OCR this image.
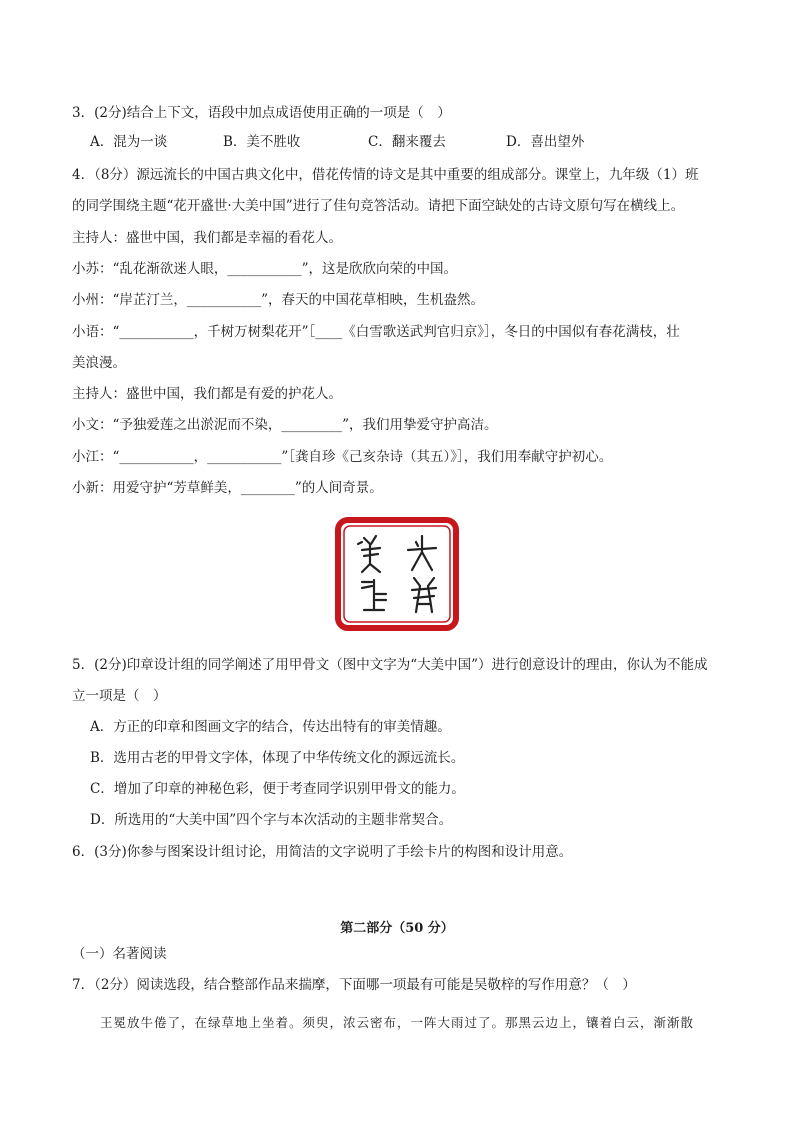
3．(2分)结合上下文，语段中加点成语使用正确的一项是（　）
A．混为一谈	B．美不胜收	C．翻来覆去	D．喜出望外
4．（8分）源远流长的中国古典文化中，借花传情的诗文是其中重要的组成部分。课堂上，九年级（1）班
的同学围绕主题“花开盛世·大美中国”进行了佳句竞答活动。请把下面空缺处的古诗文原句写在横线上。
主持人：盛世中国，我们都是幸福的看花人。
小苏：“乱花渐欲迷人眼，___________”，这是欣欣向荣的中国。
小州：“岸芷汀兰，___________”，春天的中国花草相映，生机盎然。
小语：“___________，千树万树梨花开”［____《白雪歌送武判官归京》］，冬日的中国似有春花满枝，壮
美浪漫。
主持人：盛世中国，我们都是有爱的护花人。
小文：“予独爱莲之出淤泥而不染，_________”，我们用挚爱守护高洁。
小江：“___________，___________”［龚自珍《己亥杂诗（其五）》］，我们用奉献守护初心。
小新：用爱守护“芳草鲜美，________”的人间奇景。
5．(2分)印章设计组的同学阐述了用甲骨文（图中文字为“大美中国”）进行创意设计的理由，你认为不能成
立一项是（　）
A．方正的印章和图画文字的结合，传达出特有的审美情趣。
B．选用古老的甲骨文字体，体现了中华传统文化的源远流长。
C．增加了印章的神秘色彩，便于考查同学识别甲骨文的能力。
D．所选用的“大美中国”四个字与本次活动的主题非常契合。
6．(3分)你参与图案设计组讨论，用简洁的文字说明了手绘卡片的构图和设计用意。
第二部分（50 分）
（一）名著阅读
7．（2分）阅读选段，结合整部作品来揣摩，下面哪一项最有可能是吴敬梓的写作用意？（　）
王冕放牛倦了，在绿草地上坐着。须臾，浓云密布，一阵大雨过了。那黑云边上，镶着白云，渐渐散
